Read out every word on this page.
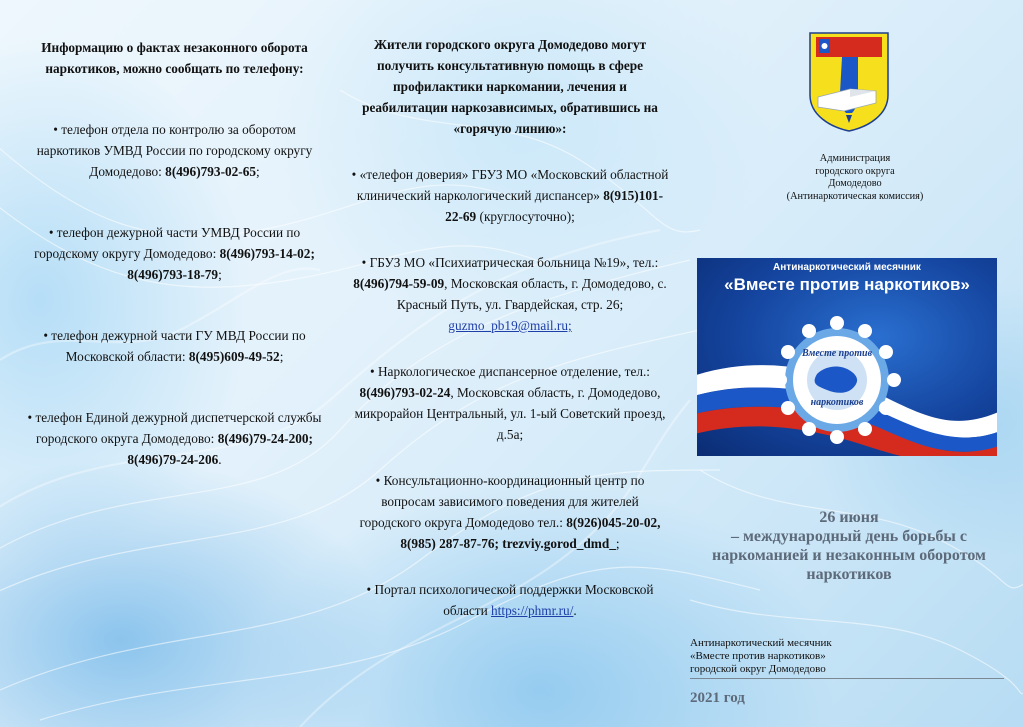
Информацию о фактах незаконного оборота наркотиков, можно сообщать по телефону:
• телефон отдела по контролю за оборотом наркотиков УМВД России по городскому округу Домодедово: 8(496)793-02-65;
• телефон дежурной части УМВД России по городскому округу Домодедово: 8(496)793-14-02; 8(496)793-18-79;
• телефон дежурной части ГУ МВД России по Московской области: 8(495)609-49-52;
• телефон Единой дежурной диспетчерской службы городского округа Домодедово: 8(496)79-24-200; 8(496)79-24-206.
Жители городского округа Домодедово могут получить консультативную помощь в сфере профилактики наркомании, лечения и реабилитации наркозависимых, обратившись на «горячую линию»:
• «телефон доверия» ГБУЗ МО «Московский областной клинический наркологический диспансер» 8(915)101-22-69 (круглосуточно);
• ГБУЗ МО «Психиатрическая больница №19», тел.: 8(496)794-59-09, Московская область, г. Домодедово, с. Красный Путь, ул. Гвардейская, стр. 26; guzmo_pb19@mail.ru;
• Наркологическое диспансерное отделение, тел.: 8(496)793-02-24, Московская область, г. Домодедово, микрорайон Центральный, ул. 1-ый Советский проезд, д.5а;
• Консультационно-координационный центр по вопросам зависимого поведения для жителей городского округа Домодедово тел.: 8(926)045-20-02, 8(985) 287-87-76; trezviy.gorod_dmd_;
• Портал психологической поддержки Московской области https://phmr.ru/.
Администрация
городского округа
Домодедово
(Антинаркотическая комиссия)
Антинаркотический месячник
«Вместе против наркотиков»
Вместе против
наркотиков
26 июня
– международный день борьбы с наркоманией и незаконным оборотом наркотиков
Антинаркотический месячник
«Вместе против наркотиков»
городской округ Домодедово
2021 год
